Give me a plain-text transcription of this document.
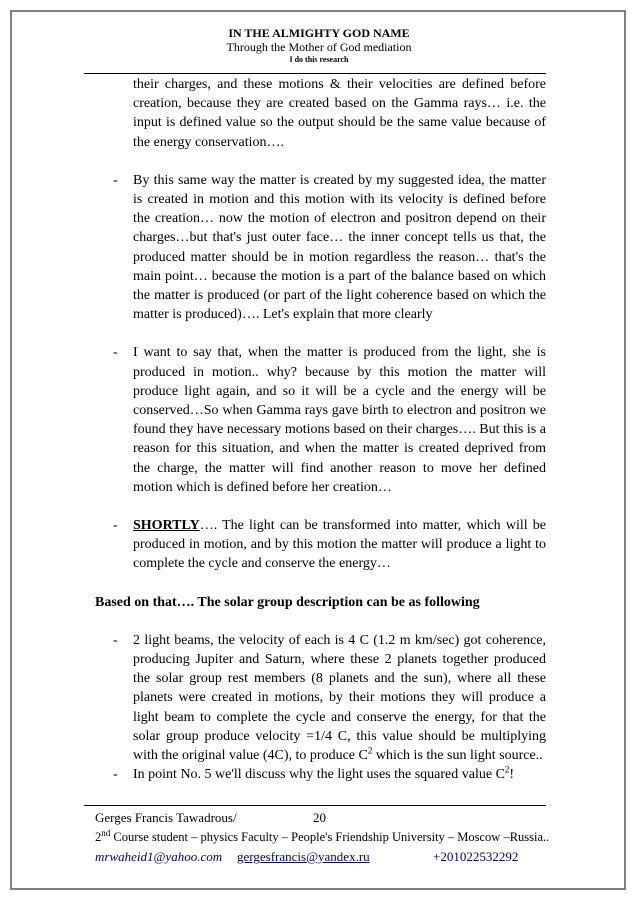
IN THE ALMIGHTY GOD NAME
Through the Mother of God mediation
I do this research
their charges, and these motions & their velocities are defined before creation, because they are created based on the Gamma rays… i.e. the input is defined value so the output should be the same value because of the energy conservation….
- By this same way the matter is created by my suggested idea, the matter is created in motion and this motion with its velocity is defined before the creation… now the motion of electron and positron depend on their charges…but that's just outer face… the inner concept tells us that, the produced matter should be in motion regardless the reason… that's the main point… because the motion is a part of the balance based on which the matter is produced (or part of the light coherence based on which the matter is produced)…. Let's explain that more clearly
- I want to say that, when the matter is produced from the light, she is produced in motion.. why? because by this motion the matter will produce light again, and so it will be a cycle and the energy will be conserved…So when Gamma rays gave birth to electron and positron we found they have necessary motions based on their charges…. But this is a reason for this situation, and when the matter is created deprived from the charge, the matter will find another reason to move her defined motion which is defined before her creation…
- SHORTLY…. The light can be transformed into matter, which will be produced in motion, and by this motion the matter will produce a light to complete the cycle and conserve the energy…
Based on that…. The solar group description can be as following
- 2 light beams, the velocity of each is 4 C (1.2 m km/sec) got coherence, producing Jupiter and Saturn, where these 2 planets together produced the solar group rest members (8 planets and the sun), where all these planets were created in motions, by their motions they will produce a light beam to complete the cycle and conserve the energy, for that the solar group produce velocity =1/4 C, this value should be multiplying with the original value (4C), to produce $C^2$ which is the sun light source..
- In point No. 5 we'll discuss why the light uses the squared value $C^2$!
Gerges Francis Tawadrous/	20
2nd Course student – physics Faculty – People's Friendship University – Moscow –Russia..
mrwaheid1@yahoo.com gergesfrancis@yandex.ru	+201022532292
